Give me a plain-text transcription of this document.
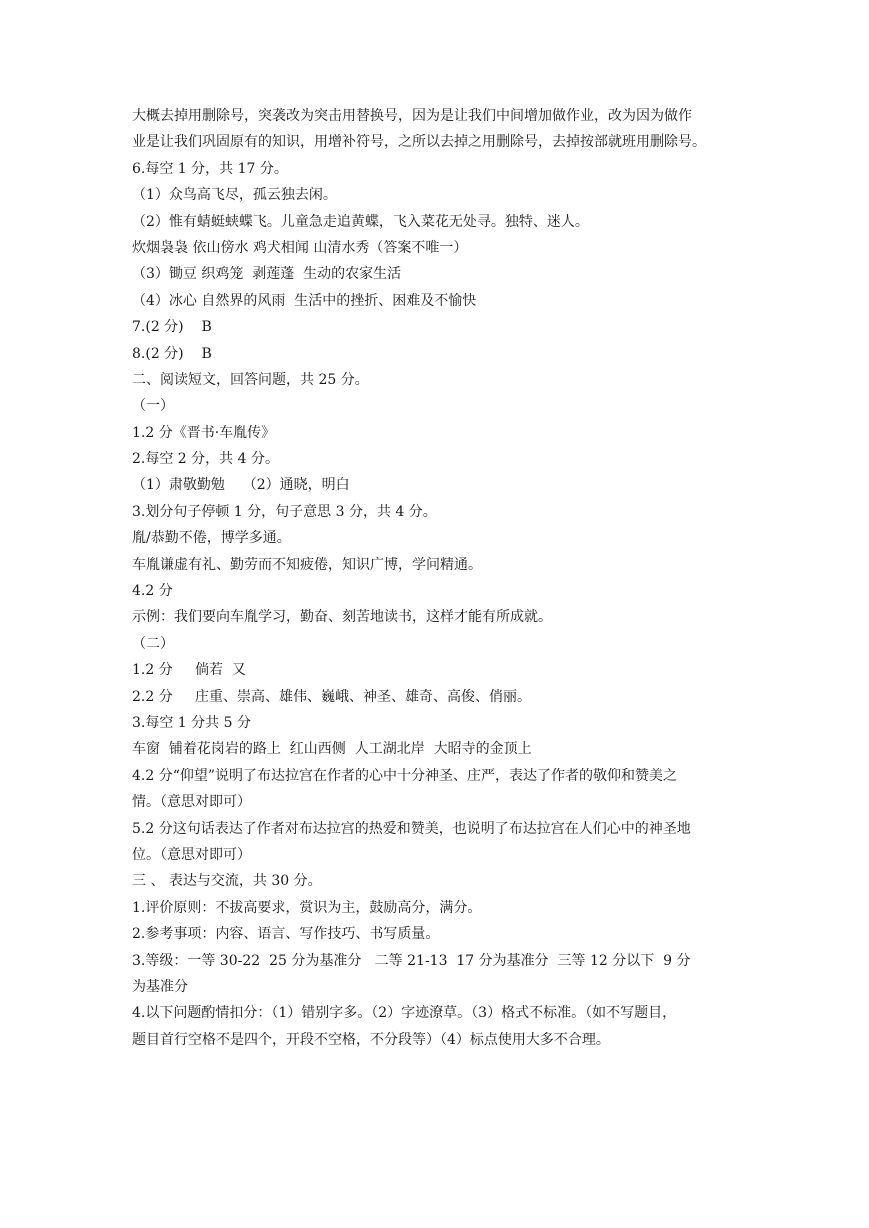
大概去掉用删除号，突袭改为突击用替换号，因为是让我们中间增加做作业，改为因为做作
业是让我们巩固原有的知识，用增补符号，之所以去掉之用删除号，去掉按部就班用删除号。
6.每空 1 分，共 17 分。
（1）众鸟高飞尽，孤云独去闲。
（2）惟有蜻蜓蛱蝶飞。儿童急走追黄蝶，飞入菜花无处寻。独特、迷人。
炊烟袅袅 依山傍水 鸡犬相闻 山清水秀（答案不唯一）
（3）锄豆 织鸡笼  剥莲蓬  生动的农家生活
（4）冰心 自然界的风雨  生活中的挫折、困难及不愉快
7.(2 分)    B
8.(2 分)    B
二、阅读短文，回答问题，共 25 分。
（一）
1.2 分《晋书·车胤传》
2.每空 2 分，共 4 分。
（1）肃敬勤勉    （2）通晓，明白
3.划分句子停顿 1 分，句子意思 3 分，共 4 分。
胤/恭勤不倦，博学多通。
车胤谦虚有礼、勤劳而不知疲倦，知识广博，学问精通。
4.2 分
示例：我们要向车胤学习，勤奋、刻苦地读书，这样才能有所成就。
（二）
1.2 分     倘若  又
2.2 分     庄重、崇高、雄伟、巍峨、神圣、雄奇、高俊、俏丽。
3.每空 1 分共 5 分
车窗  铺着花岗岩的路上  红山西侧  人工湖北岸  大昭寺的金顶上
4.2 分“仰望”说明了布达拉宫在作者的心中十分神圣、庄严，表达了作者的敬仰和赞美之
情。（意思对即可）
5.2 分这句话表达了作者对布达拉宫的热爱和赞美，也说明了布达拉宫在人们心中的神圣地
位。（意思对即可）
三 、 表达与交流，共 30 分。
1.评价原则：不拔高要求，赏识为主，鼓励高分，满分。
2.参考事项：内容、语言、写作技巧、书写质量。
3.等级：一等 30-22  25 分为基准分   二等 21-13  17 分为基准分  三等 12 分以下  9 分
为基准分
4.以下问题酌情扣分：（1）错别字多。（2）字迹潦草。（3）格式不标准。（如不写题目，
题目首行空格不是四个，开段不空格，不分段等）（4）标点使用大多不合理。
